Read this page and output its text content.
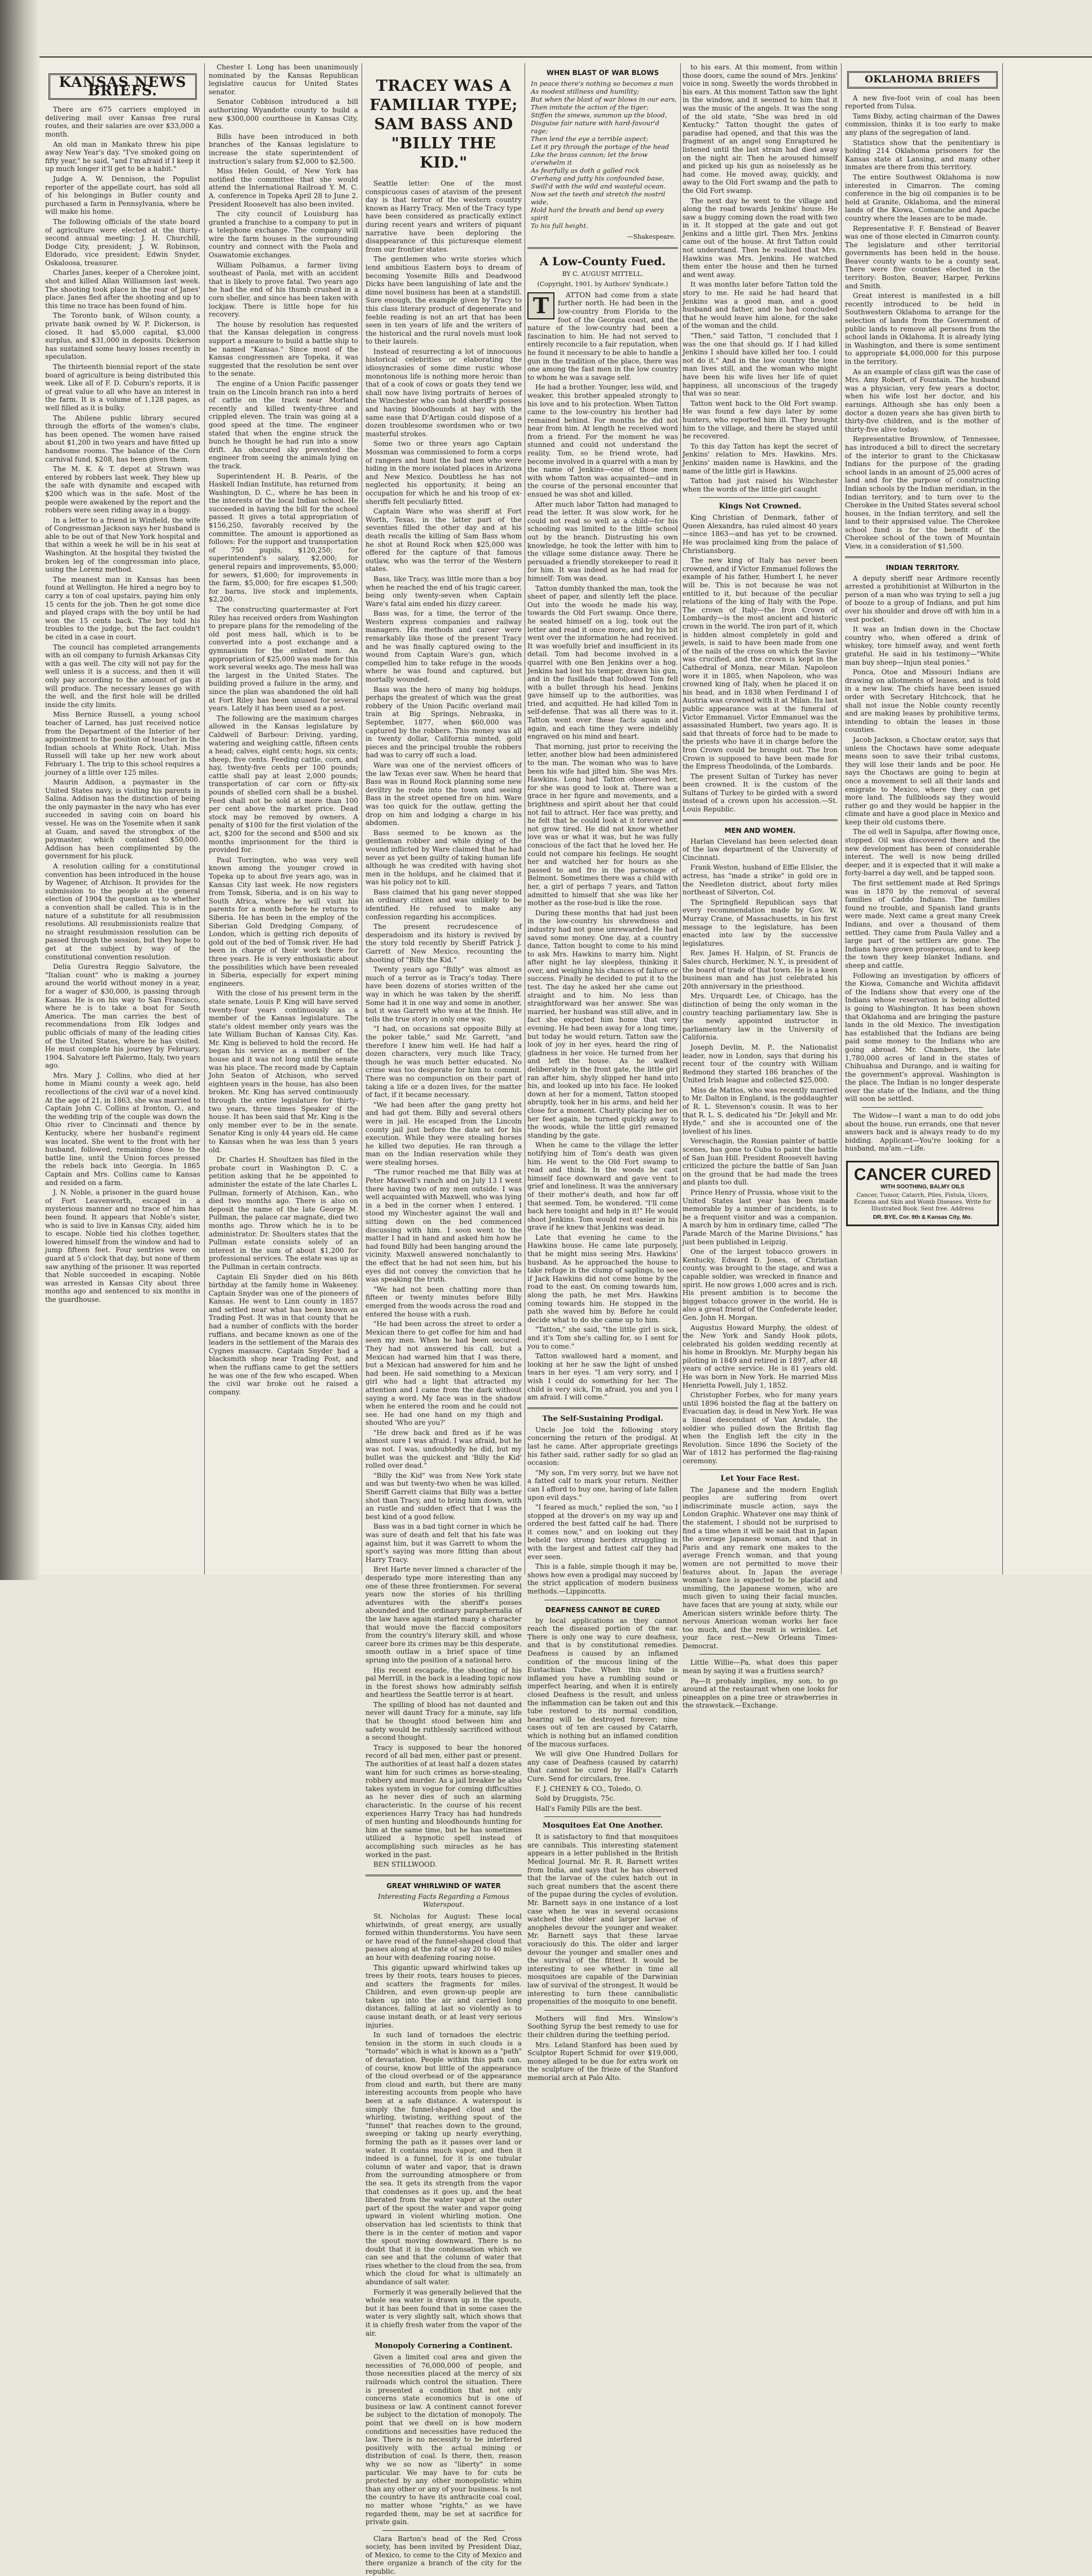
KANSAS NEWS BRIEFS.

There are 675 carriers employed in delivering mail over Kansas free rural routes, and their salaries are over $33,000 a month.

An old man in Mankato threw his pipe away New Year's day. "I've smoked going on fifty year," he said, "and I'm afraid if I keep it up much longer it'll get to be a habit."

Judge A. W. Dennison, the Populist reporter of the appellate court, has sold all of his belongings in Butler county and purchased a farm in Pennsylvania, where he will make his home.

The following officials of the state board of agriculture were elected at the thirty-second annual meeting: J. H. Churchill, Dodge City, president; J. W. Robinson, Eldorado, vice president; Edwin Snyder, Oskaloosa, treasurer.

Charles Janes, keeper of a Cherokee joint, shot and killed Allan Williamson last week. The shooting took place in the rear of Janes' place. Janes fled after the shooting and up to this time no trace has been found of him.

The Toronto bank, of Wilson county, a private bank owned by W. P. Dickerson, is closed. It had $5,000 capital, $3,000 surplus, and $31,000 in deposits. Dickerson has sustained some heavy losses recently in speculation.

The thirteenth biennial report of the state board of agriculture is being distributed this week. Like all of F. D. Coburn's reports, it is of great value to all who have an interest in the farm. It is a volume of 1,128 pages, as well filled as it is bulky.

The Abilene public library secured through the efforts of the women's clubs, has been opened. The women have raised about $1,200 in two years and have fitted up handsome rooms. The balance of the Corn carnival fund, $208, has been given them.

The M. K. & T. depot at Strawn was entered by robbers last week. They blew up the safe with dynamite and escaped with $200 which was in the safe. Most of the people were awakened by the report and the robbers were seen riding away in a buggy.

In a letter to a friend in Winfield, the wife of Congressman Jackson says her husband is able to be out of that New York hospital and that within a week he will be in his seat at Washington. At the hospital they twisted the broken leg of the congressman into place, using the Lorenz method.

The meanest man in Kansas has been found at Wellington. He hired a negro boy to carry a ton of coal upstairs, paying him only 15 cents for the job. Then he got some dice and played craps with the boy until he had won the 15 cents back. The boy told his troubles to the judge, but the fact couldn't be cited in a case in court.

The council has completed arrangements with an oil company to furnish Arkansas City with a gas well. The city will not pay for the well unless it is a success, and then it will only pay according to the amount of gas it will produce. The necessary leases go with the well, and the first hole will be drilled inside the city limits.

Miss Bernice Russell, a young school teacher of Larned, has just received notice from the Department of the Interior of her appointment to the position of teacher in the Indian schools at White Rock, Utah. Miss Russell will take up her new work about February 1. The trip to this school requires a journey of a little over 125 miles.

Maurin Addison, a paymaster in the United States navy, is visiting his parents in Salina. Addison has the distinction of being the only paymaster in the navy who has ever succeeded in saving coin on board his vessel. He was on the Yosemite when it sank at Guam, and saved the strongbox of the paymaster, which contained $50,000. Addison has been complimented by the government for his pluck.

A resolution calling for a constitutional convention has been introduced in the house by Wagener, of Atchison. It provides for the submission to the people at the general election of 1904 the question as to whether a convention shall be called. This is in the nature of a substitute for all resubmission resolutions. All resubmissionists realize that no straight resubmission resolution can be passed through the session, but they hope to get at the subject by way of the constitutional convention resolution.

Delia Gurestra Reggio Salvatore, the "Italian count" who is making a journey around the world without money in a year, for a wager of $30,000, is passing through Kansas. He is on his way to San Francisco, where he is to take a boat for South America. The man carries the best of recommendations from Elk lodges and public officials of many of the leading cities of the United States, where he has visited. He must complete his journey by February, 1904. Salvatore left Palermo, Italy, two years ago.

Mrs. Mary J. Collins, who died at her home in Miami county a week ago, held recollections of the civil war of a novel kind. At the age of 21, in 1863, she was married to Captain John C. Collins at Ironton, O., and the wedding trip of the couple was down the Ohio river to Cincinnati and thence by Kentucky, where her husband's regiment was located. She went to the front with her husband, followed, remaining close to the battle line, until the Union forces pressed the rebels back into Georgia. In 1865 Captain and Mrs. Collins came to Kansas and resided on a farm.

J. N. Noble, a prisoner in the guard house of Fort Leavenworth, escaped in a mysterious manner and no trace of him has been found. It appears that Noble's sister, who is said to live in Kansas City, aided him to escape. Noble tied his clothes together, lowered himself from the window and had to jump fifteen feet. Four sentries were on guard at 5 o'clock that day, but none of them saw anything of the prisoner. It was reported that Noble succeeded in escaping. Noble was arrested in Kansas City about three months ago and sentenced to six months in the guardhouse.

Chester I. Long has been unanimously nominated by the Kansas Republican legislative caucus for United States senator.

Senator Cobbison introduced a bill authorizing Wyandotte county to build a new $300,000 courthouse in Kansas City, Kas.

Bills have been introduced in both branches of the Kansas legislature to increase the state superintendent of instruction's salary from $2,000 to $2,500.

Miss Helen Gould, of New York has notified the committee that she would attend the International Railroad Y. M. C. A. conference in Topeka April 28 to June 2. President Roosevelt has also been invited.

The city council of Louisburg has granted a franchise to a company to put in a telephone exchange. The company will wire the farm houses in the surrounding country and connect with the Paola and Osawatomie exchanges.

William Polhamus, a farmer living southeast of Paola, met with an accident that is likely to prove fatal. Two years ago he had the end of his thumb crushed in a corn sheller, and since has been taken with lockjaw. There is little hope for his recovery.

The house by resolution has requested that the Kansas delegation in congress support a measure to build a battle ship to be named "Kansas." Since most of the Kansas congressmen are Topeka, it was suggested that the resolution be sent over to the senate.

The engine of a Union Pacific passenger train on the Lincoln branch ran into a herd of cattle on the track near Morland recently and killed twenty-three and crippled eleven. The train was going at a good speed at the time. The engineer stated that when the engine struck the bunch he thought he had run into a snow drift. An obscured sky prevented the engineer from seeing the animals lying on the track.

Superintendent H. B. Pearis, of the Haskell Indian Institute, has returned from Washington, D. C., where he has been in the interests of the local Indian school. He succeeded in having the bill for the school passed. It gives a total appropriation of $156,250, favorably received by the committee. The amount is apportioned as follows: For the support and transportation of 750 pupils, $120,250; for superintendent's salary, $2,000; for general repairs and improvements, $5,000; for sewers, $1,600; for improvements in the farm, $5,000; for fire escapes $1,500; for barns, live stock and implements, $2,200.

The constructing quartermaster at Fort Riley has received orders from Washington to prepare plans for the remodeling of the old post mess hall, which is to be converted into a post exchange and a gymnasium for the enlisted men. An appropriation of $25,000 was made for this work several weeks ago. The mess hall was the largest in the United States. The building proved a failure in the army, and since the plan was abandoned the old hall at Fort Riley has been unused for several years. Lately it has been used as a post.

The following are the maximum charges allowed in the Kansas legislature by Caldwell of Barbour: Driving, yarding, watering and weighing cattle, fifteen cents a head; calves, eight cents; hogs, six cents; sheep, five cents. Feeding cattle, corn, and hay, twenty-five cents per 100 pounds; cattle shall pay at least 2,000 pounds; transportation of car corn or fifty-six pounds of shelled corn shall be a bushel. Feed shall not be sold at more than 100 per cent above the market price. Dead stock may be removed by owners. A penalty of $100 for the first violation of the act, $200 for the second and $500 and six months imprisonment for the third is provided for.

Paul Torrington, who was very well known among the younger crowd in Topeka up to about five years ago, was in Kansas City last week. He now registers from Tomsk, Siberia, and is on his way to South Africa, where he will visit his parents for a month before he returns to Siberia. He has been in the employ of the Siberian Gold Dredging Company, of London, which is getting rich deposits of gold out of the bed of Tomsk river. He had been in charge of their work there for three years. He is very enthusiastic about the possibilities which have been revealed in Siberia, especially for expert mining engineers.

With the close of his present term in the state senate, Louis P. King will have served twenty-four years continuously as a member of the Kansas legislature. The state's oldest member only years was the late William Buchan of Kansas City, Kas. Mr. King is believed to hold the record. He began his service as a member of the house and it was not long until the senate was his place. The record made by Captain John Seaton of Atchison, who served eighteen years in the house, has also been broken. Mr. King has served continuously through the entire legislature for thirty-two years, three times Speaker of the house. It has been said that Mr. King is the only member ever to be in the senate. Senator King is only 44 years old. He came to Kansas when he was less than 5 years old.

Dr. Charles H. Shoultzen has filed in the probate court in Washington D. C. a petition asking that he be appointed to administer the estate of the late Charles L. Pullman, formerly of Atchison, Kan., who died two months ago. There is also on deposit the name of the late George M. Pullman, the palace car magnate, died two months ago. Throw which he is to be administrator. Dr. Shoulters states that the Pullman estate consists solely of an interest in the sum of about $1,200 for professional services. The estate was up as the Pullman in certain contracts.

Captain Eli Snyder died on his 86th birthday at the family home in Wakeeney. Captain Snyder was one of the pioneers of Kansas. He went to Linn county in 1857 and settled near what has been known as Trading Post. It was in that county that he had a number of conflicts with the border ruffians, and became known as one of the leaders in the settlement of the Marais des Cygnes massacre. Captain Snyder had a blacksmith shop near Trading Post, and when the ruffians came to get the settlers he was one of the few who escaped. When the civil war broke out he raised a company.

TRACEY WAS A FAMILIAR TYPE; SAM BASS AND "BILLY THE KID."

Seattle letter: One of the most conspicuous cases of atavism of the present day is that terror of the western country known as Harry Tracy. Men of the Tracy type have been considered as practically extinct during recent years and writers of piquant narrative have been deploring the disappearance of this picturesque element from our frontier states.

The gentlemen who write stories which lend ambitious Eastern boys to dream of becoming Yosemite Bills and Deadwood Dicks have been languishing of late and the dime novel business has been at a standstill. Sure enough, the example given by Tracy to this class literary product of degenerate and feeble reading is not an art that has been seen in ten years of life and the writers of the historical and the rural novels must look to their laurels.

Instead of resurrecting a lot of innocuous historical celebrities or elaborating the idiosyncrasies of some dime rustic whose monotonous life is nothing more heroic than that of a cook of cows or goats they tend we shall now have living portraits of heroes of the Winchester who can hold sheriff's posses and having bloodhounds at bay with the same ease that D'Artigan could dispose of a dozen troublesome swordsmen who or two masterful strokes.

Some two or three years ago Captain Mossman was commissioned to form a corps of rangers and hunt the bad men who were hiding in the more isolated places in Arizona and New Mexico. Doubtless he has not neglected his opportunity, it being an occupation for which he and his troop of ex-sheriffs felt peculiarly fitted.

Captain Ware who was sheriff at Fort Worth, Texas, in the latter part of the seventies filled the other day and at his death recalls the killing of Sam Bass whom he shot at Round Rock when $25,000 was offered for the capture of that famous outlaw, who was the terror of the Western states.

Bass, like Tracy, was little more than a boy when he reached the end of his tragic career, being only twenty-seven when Captain Ware's fatal aim ended his dizzy career.

Bass was, for a time, the terror of the Western express companies and railway managers. His methods and career were remarkably like those of the present Tracy and he was finally captured owing to the wound from Captain Ware's gun, which compelled him to take refuge in the woods where he was found and captured, but mortally wounded.

Bass was the hero of many big holdups, perhaps the greatest of which was the great robbery of the Union Pacific overland mail train at Big Springs, Nebraska, in September, 1877, when $60,000 was captured by the robbers. This money was all in twenty dollar, California minted, gold pieces and the principal trouble the robbers had was to carry off such a load.

Ware was one of the nerviest officers of the law Texas ever saw. When he heard that Bass was in Round Rock planning some new deviltry he rode into the town and seeing Bass in the street opened fire on him. Ware was too quick for the outlaw, getting the drop on him and lodging a charge in his abdomen.

Bass seemed to be known as the gentleman robber and while dying of the wound inflicted by Ware claimed that he had never as yet been guilty of taking human life although he was credited with having shot men in the holdups, and he claimed that it was his policy not to kill.

Bass claimed that his gang never stopped an ordinary citizen and was unlikely to be identified. He refused to make any confession regarding his accomplices.

The present recrudescence of desperadoism and its history is revived by the story told recently by Sheriff Patrick J. Garrett of New Mexico, recounting the shooting of "Billy the Kid."

Twenty years ago "Billy" was almost as much of a terror as is Tracy's today. There have been dozens of stories written of the way in which he was taken by the sheriff. Some had it in one way and some in another, but it was Garrett who was at the finish. He tells the true story in only one way.

"I had, on occasions sat opposite Billy at the poker table," said Mr. Garrett, "and therefore I knew him well. He had half a dozen characters, very much like Tracy, though he was much better educated. No crime was too desperate for him to commit. There was no compunction on their part of taking a life or a dozen lives, for the matter of fact, if it became necessary.

"We had been after the gang pretty hot and had got them. Billy and several others were in jail. He escaped from the Lincoln county jail just before the date set for his execution. While they were stealing horses he killed two deputies. He ran through a man on the Indian reservation while they were stealing horses.

"The rumor reached me that Billy was at Peter Maxwell's ranch and on July 13 I went there having two of my men outside. I was well acquainted with Maxwell, who was lying in a bed in the corner when I entered. I stood my Winchester against the wall and sitting down on the bed commenced discussing with him. I soon went to the matter I had in hand and asked him how he had found Billy had been hanging around the vicinity. Maxwell answered nonchalantly to the effect that he had not seen him, but his eyes did not convey the conviction that he was speaking the truth.

"We had not been chatting more than fifteen or twenty minutes before Billy emerged from the woods across the road and entered the house with a rush.

"He had been across the street to order a Mexican there to get coffee for him and had seen my men. When he had been secured. They had not answered his call, but a Mexican had warned him that I was there, but a Mexican had answered for him and he had been. He said something to a Mexican girl who had a light that attracted my attention and I came from the dark without saying a word. My face was in the shadow when he entered the room and he could not see. He had one hand on my thigh and shouted 'Who are you?'

"He drew back and fired as if he was almost sure I was afraid. I was afraid, but he was not. I was, undoubtedly he did, but my bullet was the quickest and 'Billy the Kid' rolled over dead."

"Billy the Kid" was from New York state and was but twenty-two when he was killed. Sheriff Garrett claims that Billy was a better shot than Tracy, and to bring him down, with an rustle and sudden effect that I was the best kind of a good fellow.

Bass was in a bad tight corner in which he was sure of death and felt that his fate was against him, but it was Garrett to whom the sport's saying was more fitting than about Harry Tracy.

Bret Harte never limned a character of the desperado type more interesting than any one of these three frontiersmen. For several years now the stories of his thrilling adventures with the sheriff's posses abounded and the ordinary paraphernalia of the law have again started many a character that would move the flaccid compositors from the country's literary skill, and whose career bore its crimes may be this desperate, smooth outlaw in a brief space of time sprung into the position of a national hero.

His recent escapade, the shooting of his pal Merrill, in the back is a leading topic now in the forest shows how admirably selfish and heartless the Seattle terror is at heart.

The spilling of blood has not daunted and never will daunt Tracy for a minute, say life that he thought stood between him and safety would be ruthlessly sacrificed without a second thought.

Tracy is supposed to bear the honored record of all bad men, either past or present. The authorities of at least half a dozen states want him for such crimes as horse-stealing, robbery and murder. As a jail breaker he also takes system in vogue for coming difficulties as he never dies of such an alarming characteristic. In the course of his recent experiences Harry Tracy has had hundreds of men hunting and bloodhounds hunting for him at the same time, but he has sometimes utilized a hypnotic spell instead of accomplishing such miracles as he has worked in the past.

BEN STILLWOOD.

GREAT WHIRLWIND OF WATER
Interesting Facts Regarding a Famous Waterspout.

St. Nicholas for August: These local whirlwinds, of great energy, are usually formed within thunderstorms. You have seen or have read of the funnel-shaped cloud that passes along at the rate of say 20 to 40 miles an hour with deafening roaring noise.

This gigantic upward whirlwind takes up trees by their roots, tears houses to pieces, and scatters the fragments for miles. Children, and even grown-up people are taken up into the air and carried long distances, falling at last so violently as to cause instant death, or at least very serious injuries.

In such land of tornadoes the electric tension in the storm in such clouds is a "tornado" which is what is known as a "path" of devastation. People within this path can, of course, know but little of the appearance of the cloud overhead or of the appearance from cloud and earth, but there are many interesting accounts from people who have been at a safe distance. A waterspout is simply the funnel-shaped cloud and the whirling, twisting, writhing spout of the "funnel" that reaches down to the ground, sweeping or taking up nearly everything, forming the path as it passes over land or water. It contains much vapor, and then it indeed is a funnel, for it is one tubular column of water and vapor, that is drawn from the surrounding atmosphere or from the sea. It gets its strength from the vapor that condenses as it goes up, and the heat liberated from the water vapor at the outer part of the spout the water and vapor going upward in violent whirling motion. One observation has led scientists to think that there is in the center of motion and vapor the spout moving downward. There is no doubt that it is the condensation which we can see and that the column of water that rises whether to the cloud from the sea, from which the cloud for what is ultimately an abundance of salt water.

Formerly it was generally believed that the whole sea water is drawn up in the spouts, but it has been found that in some cases the water is very slightly salt, which shows that it is chiefly fresh water from the vapor of the air.

Monopoly Cornering a Continent.

Given a limited coal area and given the necessities of 76,000,000 of people, and those necessities placed at the mercy of six railroads which control the situation. There is presented a condition that not only concerns state economics but is one of business or law. A continent cannot forever be subject to the dictation of monopoly. The point that we dwell on is how modern conditions and necessities have reduced the law. There is no necessity to be interfered positively with the actual mining or distribution of coal. Is there, then, reason why we so now as "liberty" in some particular. We may have to for cuts be protected by any other monopolistic whim than any other or any of your business. Is not the country to have its anthracite coal coal, no matter whose "rights," as we have regarded them, may be set at sacrifice for private gain.

Clara Barton's head of the Red Cross society, has been invited by President Diaz, of Mexico, to come to the City of Mexico and there organize a branch of the city for the republic.

WHEN BLAST OF WAR BLOWS
In peace there's nothing so becomes a man
As modest stillness and humility;
But when the blast of war blows in our ears,
Then imitate the action of the tiger;
Stiffen the sinews, summon up the blood,
Disguise fair nature with hard-favour'd rage;
Then lend the eye a terrible aspect;
Let it pry through the portage of the head
Like the brass cannon; let the brow o'erwhelm it
As fearfully as doth a galled rock
O'erhang and jutty his confounded base,
Swill'd with the wild and wasteful ocean.
Now set the teeth and stretch the nostril wide,
Hold hard the breath and bend up every spirit
To his full height.
—Shakespeare.
A Low-County Fued.
BY C. AUGUST MITTELL.
(Copyright, 1901, by Authors' Syndicate.)
T	ATTON had come from a state further north. He had been in the low-country from Florida to the foot of the Georgia coast, and the nature of the low-country had been a fascination to him. He had not served to entirely reconcile to a fair reputation, when he found it necessary to be able to handle a gun in the tradition of the place, there was one among the fast men in the low country to whom he was a savage self.

He had a brother. Younger, less wild, and weaker, this brother appealed strongly to his love and to his protection. When Tatton came to the low-country his brother had remained behind. For months he did not hear from him. At length he received word from a friend. For the moment he was stunned and could not understand the reality. Tom, so he friend wrote, had become involved in a quarrel with a man by the name of Jenkins—one of those men with whom Tatton was acquainted—and in the course of the personal encounter that ensued he was shot and killed.

After much labor Tatton had managed to read the letter. It was slow work, for he could not read so well as a child—for his schooling was limited to the little school out by the branch. Distrusting his own knowledge, he took the letter with him to the village some distance away. There he persuaded a friendly storekeeper to read it for him. It was indeed as he had read for himself: Tom was dead.

Tatton dumbly thanked the man, took the sheet of paper, and silently left the place. Out into the woods he made his way, towards the Old Fort swamp. Once there, he seated himself on a log, took out the letter and read it once more, and by his bit went over the information he had received. It was woefully brief and insufficient in its detail. Tom had become involved in a quarrel with one Ben Jenkins over a hog. Jenkins had lost his temper, drawn his gun, and in the fusillade that followed Tom fell with a bullet through his head. Jenkins gave himself up to the authorities, was tried, and acquitted. He had killed Tom in self-defense. That was all there was to it. Tatton went over these facts again and again, and each time they were indelibly engraved on his mind and heart.

That morning, just prior to receiving the letter, another blow had been administered to the man. The woman who was to have been his wife had jilted him. She was Mrs. Hawkins. Long had Tatton observed her, for she was good to look at. There was a grace in her figure and movements, and a brightness and spirit about her that could not fail to attract. Her face was pretty, and he felt that he could look at it forever and not grow tired. He did not know whether love was or what it was, but he was fully conscious of the fact that he loved her. He could not compare his feelings. He sought her and watched her for hours as she passed to and fro in the parsonage of Belmont. Sometimes there was a child with her, a girl of perhaps 7 years, and Tatton admitted to himself that she was like her mother as the rose-bud is like the rose.

During these months that had just been in the low-country his shrewdness and industry had not gone unrewarded. He had saved some money. One day, at a country dance, Tatton bought to come to his mind to ask Mrs. Hawkins to marry him. Night after night he lay sleepless, thinking it over, and weighing his chances of failure or success. Finally he decided to put it to the test. The day he asked her she came out straight and to him. No less than straightforward was her answer. She was married, her husband was still alive, and in fact she expected him home that very evening. He had been away for a long time, but today he would return. Tatton saw the look of joy in her eyes, heard the ring of gladness in her voice. He turned from her and left the house. As he walked deliberately in the front gate, the little girl ran after him, shyly slipped her hand into his, and looked up into his face. He looked down at her for a moment, Tatton stooped abruptly, took her in his arms, and held her close for a moment. Charity placing her on her feet again, he turned quickly away to the woods, while the little girl remained standing by the gate.

When he came to the village the letter notifying him of Tom's death was given him. He went to the Old Fort swamp to read and think. In the woods he cast himself face downward and gave vent to grief and loneliness. It was the anniversary of their mother's death, and how far off that seemed. Tom, he wondered. "I'll come back here tonight and help in it!" He would shoot Jenkins. Tom would rest easier in his grave if he knew that Jenkins was dead.

Late that evening he came to the Hawkins house. He came late purposely, that he might miss seeing Mrs. Hawkins' husband. As he approached the house to take refuge in the clump of saplings, to see if Jack Hawkins did not come home by the road to the east. On coming towards him, along the path, he met Mrs. Hawkins coming towards him. He stopped in the path she waved him by. Before he could decide what to do she came up to him.

"Tatton," she said, "the little girl is sick, and it's Tom she's calling for, so I sent for you to come."

Tatton swallowed hard a moment, and looking at her he saw the light of unshed tears in her eyes. "I am very sorry, and I wish I could do something for her. The child is very sick, I'm afraid, you and you I am afraid. I will come."

The Self-Sustaining Prodigal.

Uncle Joe told the following story concerning the return of the prodigal. At last he came. After appropriate greetings his father said, rather sadly for so glad an occasion:

"My son, I'm very sorry, but we have not a fatted calf to mark your return. Neither can I afford to buy one, having of late fallen upon evil days."

"I feared as much," replied the son, "so I stopped at the drover's on my way up and ordered the best fatted calf he had. There it comes now," and on looking out they beheld two strong herders struggling in with the largest and fattest calf they had ever seen.

This is a fable, simple though it may be, shows how even a prodigal may succeed by the strict application of modern business methods.—Lippincotts.

DEAFNESS CANNOT BE CURED

by local applications as they cannot reach the diseased portion of the ear. There is only one way to cure deafness, and that is by constitutional remedies. Deafness is caused by an inflamed condition of the mucous lining of the Eustachian Tube. When this tube is inflamed you have a rumbling sound or imperfect hearing, and when it is entirely closed Deafness is the result, and unless the inflammation can be taken out and this tube restored to its normal condition, hearing will be destroyed forever; nine cases out of ten are caused by Catarrh, which is nothing but an inflamed condition of the mucous surfaces.

We will give One Hundred Dollars for any case of Deafness (caused by catarrh) that cannot be cured by Hall's Catarrh Cure. Send for circulars, free.

F. J. CHENEY & CO., Toledo, O.

Sold by Druggists, 75c.

Hall's Family Pills are the best.

Mosquitoes Eat One Another.

It is satisfactory to find that mosquitoes are cannibals. This interesting statement appears in a letter published in the British Medical Journal. Mr. R. R. Barnett writes from India, and says that he has observed that the larvae of the culex hatch out in such great numbers that the ascent there of the pupae during the cycles of evolution. Mr. Barnett says in one instance of a lost case when he was in several occasions watched the older and larger larvae of anopheles devour the younger and weaker. Mr. Barnett says that these larvae voraciously do this. The older and larger devour the younger and smaller ones and the survival of the fittest. It would be interesting to see whether in time all mosquitoes are capable of the Darwinian law of survival of the strongest. It would be interesting to turn these cannibalistic propensities of the mosquito to one benefit.

Mothers will find Mrs. Winslow's Soothing Syrup the best remedy to use for their children during the teething period.

Mrs. Leland Stanford has been sued by Sculptor Rupert Schmid for over $19,000, money alleged to be due for extra work on the sculpture of the frieze of the Stanford memorial arch at Palo Alto.

to his ears. At this moment, from within those doors, came the sound of Mrs. Jenkins' voice in song. Sweetly the words throbbed in his ears. At this moment Tatton saw the light in the window, and it seemed to him that it was the music of the angels. It was the song of the old state, "She was bred in old Kentucky." Tatton thought the gates of paradise had opened, and that this was the fragment of an angel song Enraptured he listened until the last strain had died away on the night air. Then he aroused himself and picked up his gun as noiselessly as he had come. He moved away, quickly, and away to the Old Fort swamp and the path to the Old Fort swamp.

The next day he went to the village and along the road towards Jenkins' house. He saw a buggy coming down the road with two in it. It stopped at the gate and out got Jenkins and a little girl. Then Mrs. Jenkins came out of the house. At first Tatton could not understand. Then he realized that Mrs. Hawkins was Mrs. Jenkins. He watched them enter the house and then he turned and went away.

It was months later before Tatton told the story to me. He said he had heard that Jenkins was a good man, and a good husband and father, and he had concluded that he would leave him alone, for the sake of the woman and the child.

"Then," said Tatton, "I concluded that I was the one that should go. If I had killed Jenkins I should have killed her too. I could not do it." And in the low country the lone man lives still, and the woman who might have been his wife lives her life of quiet happiness, all unconscious of the tragedy that was so near.

Tatton went back to the Old Fort swamp. He was found a few days later by some hunters, who reported him ill. They brought him to the village, and there he stayed until he recovered.

To this day Tatton has kept the secret of Jenkins' relation to Mrs. Hawkins. Mrs. Jenkins' maiden name is Hawkins, and the name of the little girl is Hawkins.

Tatton had just raised his Winchester when the words of the little girl caught

Kings Not Crowned.

King Christian of Denmark, father of Queen Alexandra, has ruled almost 40 years—since 1863—and has yet to be crowned. He was proclaimed king from the palace of Christiansborg.

The new king of Italy has never been crowned, and if Victor Emmanuel follows the example of his father, Humbert I, he never will be. This is not because he was not entitled to it, but because of the peculiar relations of the king of Italy with the Pope. The crown of Italy—the Iron Crown of Lombardy—is the most ancient and historic crown in the world. The iron part of it, which is hidden almost completely in gold and jewels, is said to have been made from one of the nails of the cross on which the Savior was crucified, and the crown is kept in the Cathedral of Monza, near Milan. Napoleon wore it in 1805, when Napoleon, who was crowned king of Italy, when he placed it on his head, and in 1838 when Ferdinand I of Austria was crowned with it at Milan. Its last public appearance was at the funeral of Victor Emmanuel. Victor Emmanuel was the assassinated Humbert, two years ago. It is said that threats of force had to be made to the priests who have it in charge before the Iron Crown could be brought out. The Iron Crown is supposed to have been made for the Empress Theodolinda, of the Lombards.

The present Sultan of Turkey has never been crowned. It is the custom of the Sultans of Turkey to be girded with a sword instead of a crown upon his accession.—St. Louis Republic.

MEN AND WOMEN.

Harlan Cleveland has been selected dean of the law department of the University of Cincinnati.

Frank Weston, husband of Effie Ellsler, the actress, has "made a strike" in gold ore in the Needleton district, about forty miles northeast of Silverton, Col.

The Springfield Republican says that every recommendation made by Gov. W. Murray Crane, of Massachusetts, in his first message to the legislature, has been enacted into law by the successive legislatures.

Rev. James H. Halpin, of St. Francis de Sales church, Herkimer, N. Y., is president of the board of trade of that town. He is a keen business man and has just celebrated his 20th anniversary in the priesthood.

Mrs. Urquardt Lee, of Chicago, has the distinction of being the only woman in the country teaching parliamentary law. She is the newly appointed instructor in parliamentary law in the University of California.

Joseph Devlin, M. P., the Nationalist leader, now in London, says that during his recent tour of the country with William Redmond they started 186 branches of the United Irish league and collected $25,000.

Miss de Mattos, who was recently married to Mr. Dalton in England, is the goddaughter of R. L. Stevenson's cousin. It was to her that R. L. S. dedicated his "Dr. Jekyll and Mr. Hyde," and she is accounted one of the loveliest of his lines.

Vereschagin, the Russian painter of battle scenes, has gone to Cuba to paint the battle of San Juan Hill. President Roosevelt having criticized the picture the battle of San Juan on the ground that he had made the trees and plants too dull.

Prince Henry of Prussia, whose visit to the United States last year has been made memorable by a number of incidents, is to be a frequent visitor and was a companion. A march by him in ordinary time, called "The Parade March of the Marine Divisions," has just been published in Leipzig.

One of the largest tobacco growers in Kentucky, Edward D. Jones, of Christian county, was brought to the stage, and was a capable soldier, was wrecked in finance and spirit. He now grows 1,000 acres and is rich. His present ambition is to become the biggest tobacco grower in the world. He is also a great friend of the Confederate leader, Gen. John H. Morgan.

Augustus Howard Murphy, the oldest of the New York and Sandy Hook pilots, celebrated his golden wedding recently at his home in Brooklyn. Mr. Murphy began his piloting in 1849 and retired in 1897, after 48 years of active service. He is 81 years old. He was born in New York. He married Miss Henrietta Powell, July 1, 1852.

Christopher Forbes, who for many years until 1896 hoisted the flag at the battery on Evacuation day, is dead in New York. He was a lineal descendant of Van Arsdale, the soldier who pulled down the British flag when the English left the city in the Revolution. Since 1896 the Society of the War of 1812 has performed the flag-raising ceremony.

Let Your Face Rest.

The Japanese and the modern English peoples are suffering from overt indiscriminate muscle action, says the London Graphic. Whatever one may think of the statement, I should not be surprised to find a time when it will be said that in Japan the average Japanese woman, and that in Paris and any remark one makes to the average French woman, and that young women are not permitted to move their features about. In Japan the average woman's face is expected to be placid and unsmiling, the Japanese women, who are much given to using their facial muscles, have faces that are young at sixty, while our American sisters wrinkle before thirty. The nervous American woman works her face too much, and the result is wrinkles. Let your face rest.—New Orleans Times-Democrat.

Little Willie—Pa, what does this paper mean by saying it was a fruitless search?

Pa—It probably implies, my son, to go around at the restaurant when one looks for pineapples on a pine tree or strawberries in the strawstack.—Exchange.

OKLAHOMA BRIEFS

A new five-foot vein of coal has been reported from Tulsa.

Tams Bixby, acting chairman of the Dawes commission, thinks it is too early to make any plans of the segregation of land.

Statistics show that the penitentiary is holding 214 Oklahoma prisoners for the Kansas state at Lansing, and many other inmates are there from this territory.

The entire Southwest Oklahoma is now interested in Cimarron. The coming conference in the big oil companies is to be held at Granite, Oklahoma, and the mineral lands of the Kiowa, Comanche and Apache country where the leases are to be made.

Representative F. F. Benstead of Beaver was one of those elected in Cimarron county. The legislature and other territorial governments has been held in the house. Beaver county wants to be a county seat. There were five counties elected in the territory: Boston, Beaver, Harper, Perkins and Smith.

Great interest is manifested in a bill recently introduced to be held in Southwestern Oklahoma to arrange for the selection of lands from the Government of public lands to remove all persons from the school lands in Oklahoma. It is already lying in Washington, and there is some sentiment to appropriate $4,000,000 for this purpose in the territory.

As an example of class gift was the case of Mrs. Amy Robert, of Fountain. The husband was a physician, very few years a doctor, when his wife lost her doctor, and his earnings. Although she has only been a doctor a dozen years she has given birth to thirty-five children, and is the mother of thirty-five alive today.

Representative Brownlow, of Tennessee, has introduced a bill to direct the secretary of the interior to grant to the Chickasaw Indians for the purpose of the grading school lands in an amount of 25,000 acres of land and for the purpose of constructing Indian schools by the Indian meridian, in the Indian territory, and to turn over to the Cherokee in the United States several school houses, in the Indian territory, and sell the land to their appraised value. The Cherokee school fund is for the benefit of the Cherokee school of the town of Mountain View, in a consideration of $1,500.

INDIAN TERRITORY.

A deputy sheriff near Ardmore recently arrested a prohibitionist at Wilburton in the person of a man who was trying to sell a jug of booze to a group of Indians, and put him over his shoulder and drove off with him in a vest pocket.

It was an Indian down in the Choctaw country who, when offered a drink of whiskey, tore himself away, and went forth grateful. He said in his testimony—"White man buy sheep—Injun steal ponies."

Ponca, Otoe and Missouri Indians are drawing on allotments of leases, and is told in a new law. The chiefs have been issued order with Secretary Hitchcock, that he shall not issue the Noble county recently and are making leases by prohibitive terms, intending to obtain the leases in those counties.

Jacob Jackson, a Choctaw orator, says that unless the Choctaws have some adequate means soon to save their tribal customs, they will lose their lands and be poor. He says the Choctaws are going to begin at once a movement to sell all their lands and emigrate to Mexico, where they can get more land. The fullbloods say they would rather go and they would be happier in the climate and have a good place in Mexico and keep their old customs there.

The oil well in Sapulpa, after flowing once, stopped. Oil was discovered there and the new development has been of considerable interest. The well is now being drilled deeper, and it is expected that it will make a forty-barrel a day well, and be tapped soon.

The first settlement made at Red Springs was in 1870 by the removal of several families of Caddo Indians. The families found no trouble, and Spanish land grants were made. Next came a great many Creek Indians, and over a thousand of them settled. They came from Paula Valley and a large part of the settlers are gone. The Indians have grown prosperous, and to keep the town they keep blanket Indians, and sheep and cattle.

Following an investigation by officers of the Kiowa, Comanche and Wichita affidavit of the Indians show that every one of the Indians whose reservation is being allotted is going to Washington. It has been shown that Oklahoma and are bringing the pasture lands in the old Mexico. The investigation has established that the Indians are being paid some money to the Indians who are going abroad. Mr. Chambers, the late 1,780,000 acres of land in the states of Chihuahua and Durango, and is waiting for the government's approval. Washington is the place. The Indian is no longer desperate over the state of the Indians, and the thing will soon be settled.

The Widow—I want a man to do odd jobs about the house, run errands, one that never answers back and is always ready to do my bidding. Applicant—You're looking for a husband, ma'am.—Life.

CANCER CURED
WITH SOOTHING, BALMY OILS
Cancer, Tumor, Catarrh, Piles, Fistula, Ulcers, Eczema and Skin and Womb Diseases. Write for Illustrated Book. Sent free. Address
DR. BYE, Cor. 9th & Kansas City, Mo.
